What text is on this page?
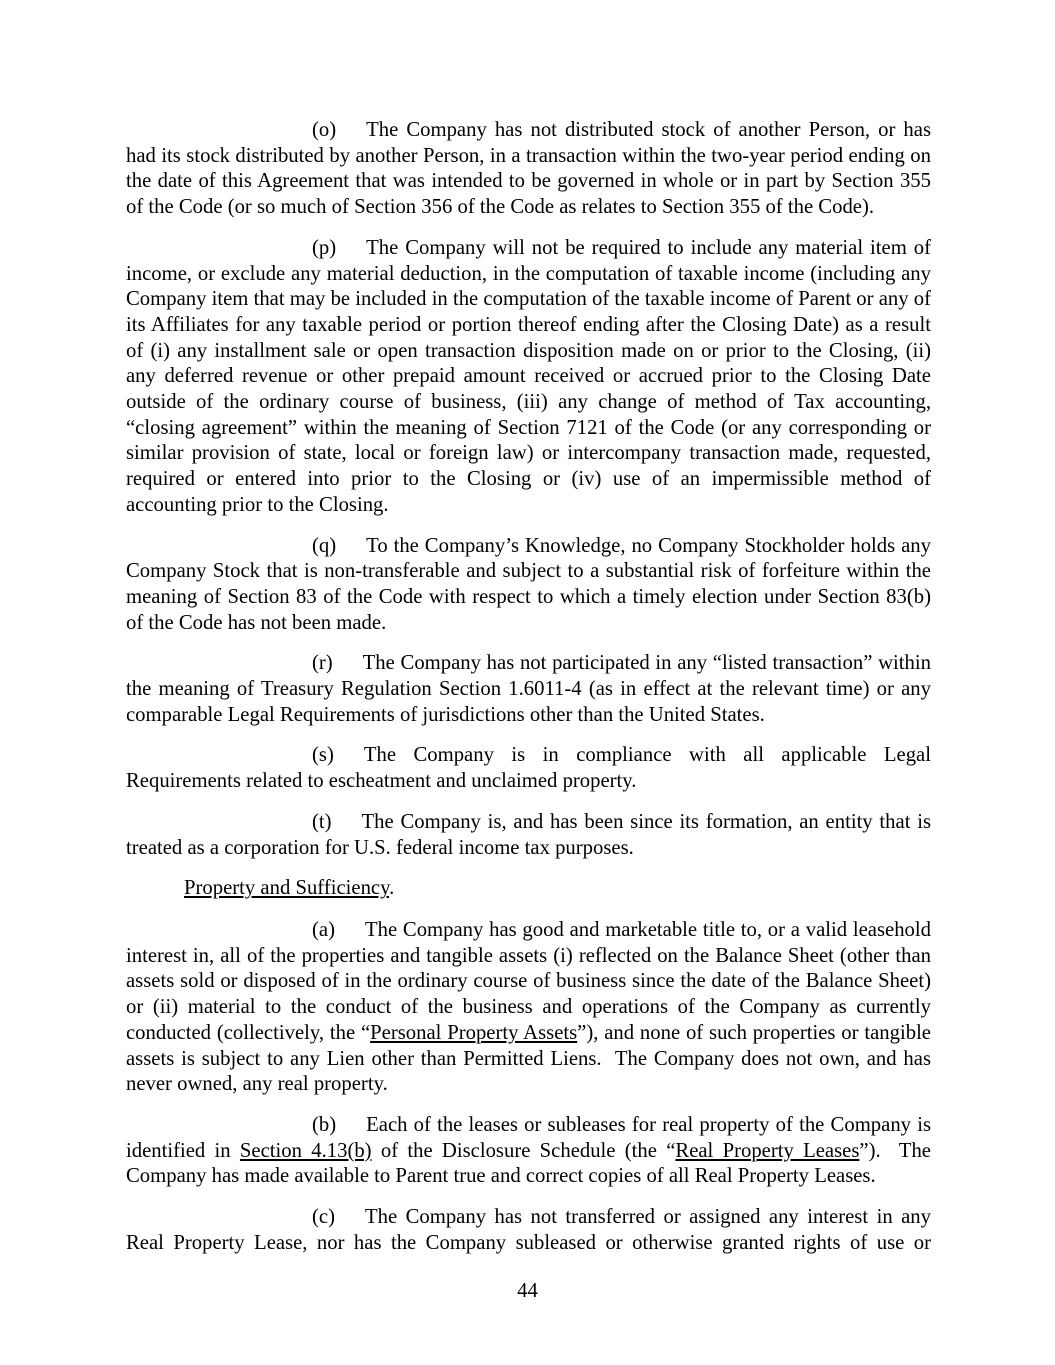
(o) The Company has not distributed stock of another Person, or has had its stock distributed by another Person, in a transaction within the two-year period ending on the date of this Agreement that was intended to be governed in whole or in part by Section 355 of the Code (or so much of Section 356 of the Code as relates to Section 355 of the Code).

(p) The Company will not be required to include any material item of income, or exclude any material deduction, in the computation of taxable income (including any Company item that may be included in the computation of the taxable income of Parent or any of its Affiliates for any taxable period or portion thereof ending after the Closing Date) as a result of (i) any installment sale or open transaction disposition made on or prior to the Closing, (ii) any deferred revenue or other prepaid amount received or accrued prior to the Closing Date outside of the ordinary course of business, (iii) any change of method of Tax accounting, “closing agreement” within the meaning of Section 7121 of the Code (or any corresponding or similar provision of state, local or foreign law) or intercompany transaction made, requested, required or entered into prior to the Closing or (iv) use of an impermissible method of accounting prior to the Closing.

(q) To the Company’s Knowledge, no Company Stockholder holds any Company Stock that is non-transferable and subject to a substantial risk of forfeiture within the meaning of Section 83 of the Code with respect to which a timely election under Section 83(b) of the Code has not been made.

(r) The Company has not participated in any “listed transaction” within the meaning of Treasury Regulation Section 1.6011-4 (as in effect at the relevant time) or any comparable Legal Requirements of jurisdictions other than the United States.

(s) The Company is in compliance with all applicable Legal Requirements related to escheatment and unclaimed property.

(t) The Company is, and has been since its formation, an entity that is treated as a corporation for U.S. federal income tax purposes.

Property and Sufficiency.

(a) The Company has good and marketable title to, or a valid leasehold interest in, all of the properties and tangible assets (i) reflected on the Balance Sheet (other than assets sold or disposed of in the ordinary course of business since the date of the Balance Sheet) or (ii) material to the conduct of the business and operations of the Company as currently conducted (collectively, the “Personal Property Assets”), and none of such properties or tangible assets is subject to any Lien other than Permitted Liens.  The Company does not own, and has never owned, any real property.

(b) Each of the leases or subleases for real property of the Company is identified in Section 4.13(b) of the Disclosure Schedule (the “Real Property Leases”).  The Company has made available to Parent true and correct copies of all Real Property Leases.

(c) The Company has not transferred or assigned any interest in any Real Property Lease, nor has the Company subleased or otherwise granted rights of use or

44
